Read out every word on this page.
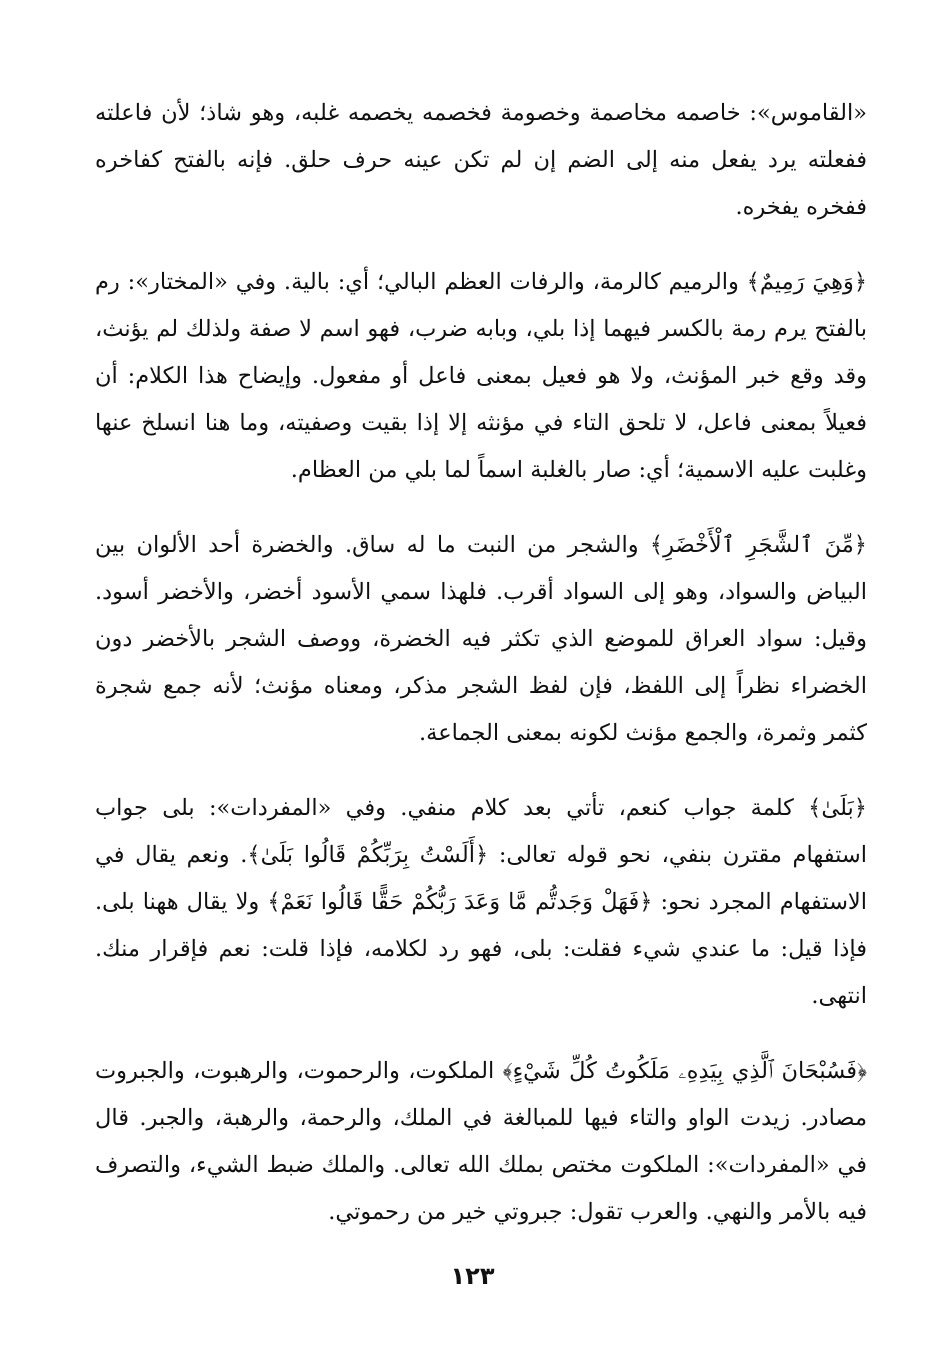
«القاموس»: خاصمه مخاصمة وخصومة فخصمه يخصمه غلبه، وهو شاذ؛ لأن فاعلته ففعلته يرد يفعل منه إلى الضم إن لم تكن عينه حرف حلق. فإنه بالفتح كفاخره ففخره يفخره.

﴿وَهِيَ رَمِيمٌ﴾ والرميم كالرمة، والرفات العظم البالي؛ أي: بالية. وفي «المختار»: رم بالفتح يرم رمة بالكسر فيهما إذا بلي، وبابه ضرب، فهو اسم لا صفة ولذلك لم يؤنث، وقد وقع خبر المؤنث، ولا هو فعيل بمعنى فاعل أو مفعول. وإيضاح هذا الكلام: أن فعيلاً بمعنى فاعل، لا تلحق التاء في مؤنثه إلا إذا بقيت وصفيته، وما هنا انسلخ عنها وغلبت عليه الاسمية؛ أي: صار بالغلبة اسماً لما بلي من العظام.

﴿مِّنَ ٱلشَّجَرِ ٱلْأَخْضَرِ﴾ والشجر من النبت ما له ساق. والخضرة أحد الألوان بين البياض والسواد، وهو إلى السواد أقرب. فلهذا سمي الأسود أخضر، والأخضر أسود. وقيل: سواد العراق للموضع الذي تكثر فيه الخضرة، ووصف الشجر بالأخضر دون الخضراء نظراً إلى اللفظ، فإن لفظ الشجر مذكر، ومعناه مؤنث؛ لأنه جمع شجرة كثمر وثمرة، والجمع مؤنث لكونه بمعنى الجماعة.

﴿بَلَىٰ﴾ كلمة جواب كنعم، تأتي بعد كلام منفي. وفي «المفردات»: بلى جواب استفهام مقترن بنفي، نحو قوله تعالى: ﴿أَلَسْتُ بِرَبِّكُمْ قَالُوا بَلَىٰ﴾. ونعم يقال في الاستفهام المجرد نحو: ﴿فَهَلْ وَجَدتُّم مَّا وَعَدَ رَبُّكُمْ حَقًّا قَالُوا نَعَمْ﴾ ولا يقال ههنا بلى. فإذا قيل: ما عندي شيء فقلت: بلى، فهو رد لكلامه، فإذا قلت: نعم فإقرار منك. انتهى.

﴿فَسُبْحَانَ ٱلَّذِي بِيَدِهِۦ مَلَكُوتُ كُلِّ شَيْءٍ﴾ الملكوت، والرحموت، والرهبوت، والجبروت مصادر. زيدت الواو والتاء فيها للمبالغة في الملك، والرحمة، والرهبة، والجبر. قال في «المفردات»: الملكوت مختص بملك الله تعالى. والملك ضبط الشيء، والتصرف فيه بالأمر والنهي. والعرب تقول: جبروتي خير من رحموتي.

١٢٣
